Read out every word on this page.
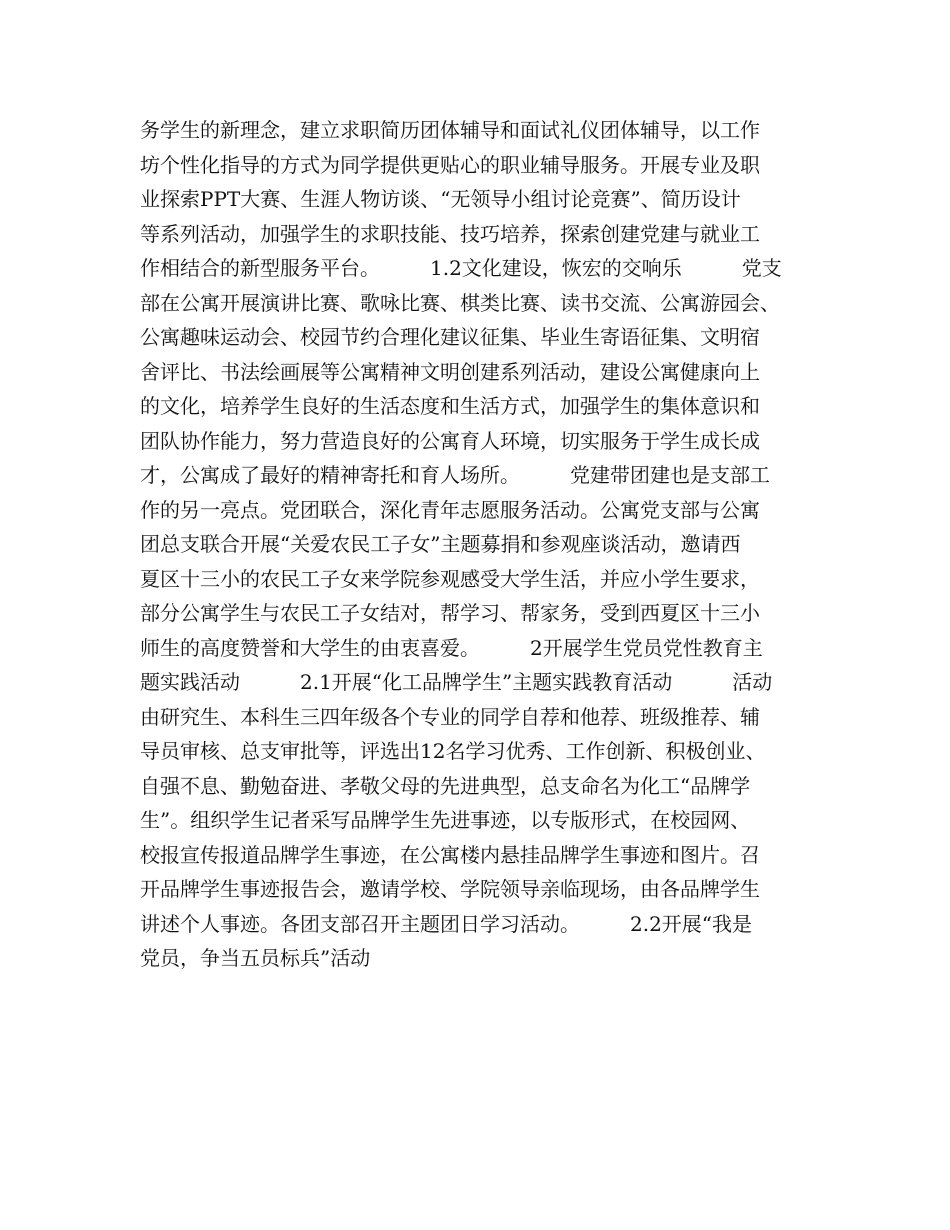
务学生的新理念，建立求职简历团体辅导和面试礼仪团体辅导，以工作
坊个性化指导的方式为同学提供更贴心的职业辅导服务。开展专业及职
业探索PPT大赛、生涯人物访谈、“无领导小组讨论竞赛”、简历设计
等系列活动，加强学生的求职技能、技巧培养，探索创建党建与就业工
作相结合的新型服务平台。　　　1.2文化建设，恢宏的交响乐　　　党支
部在公寓开展演讲比赛、歌咏比赛、棋类比赛、读书交流、公寓游园会、
公寓趣味运动会、校园节约合理化建议征集、毕业生寄语征集、文明宿
舍评比、书法绘画展等公寓精神文明创建系列活动，建设公寓健康向上
的文化，培养学生良好的生活态度和生活方式，加强学生的集体意识和
团队协作能力，努力营造良好的公寓育人环境，切实服务于学生成长成
才，公寓成了最好的精神寄托和育人场所。　　　党建带团建也是支部工
作的另一亮点。党团联合，深化青年志愿服务活动。公寓党支部与公寓
团总支联合开展“关爱农民工子女”主题募捐和参观座谈活动，邀请西
夏区十三小的农民工子女来学院参观感受大学生活，并应小学生要求，
部分公寓学生与农民工子女结对，帮学习、帮家务，受到西夏区十三小
师生的高度赞誉和大学生的由衷喜爱。　　　2开展学生党员党性教育主
题实践活动　　　2.1开展“化工品牌学生”主题实践教育活动　　　活动
由研究生、本科生三四年级各个专业的同学自荐和他荐、班级推荐、辅
导员审核、总支审批等，评选出12名学习优秀、工作创新、积极创业、
自强不息、勤勉奋进、孝敬父母的先进典型，总支命名为化工“品牌学
生”。组织学生记者采写品牌学生先进事迹，以专版形式，在校园网、
校报宣传报道品牌学生事迹，在公寓楼内悬挂品牌学生事迹和图片。召
开品牌学生事迹报告会，邀请学校、学院领导亲临现场，由各品牌学生
讲述个人事迹。各团支部召开主题团日学习活动。　　　2.2开展“我是
党员，争当五员标兵”活动
